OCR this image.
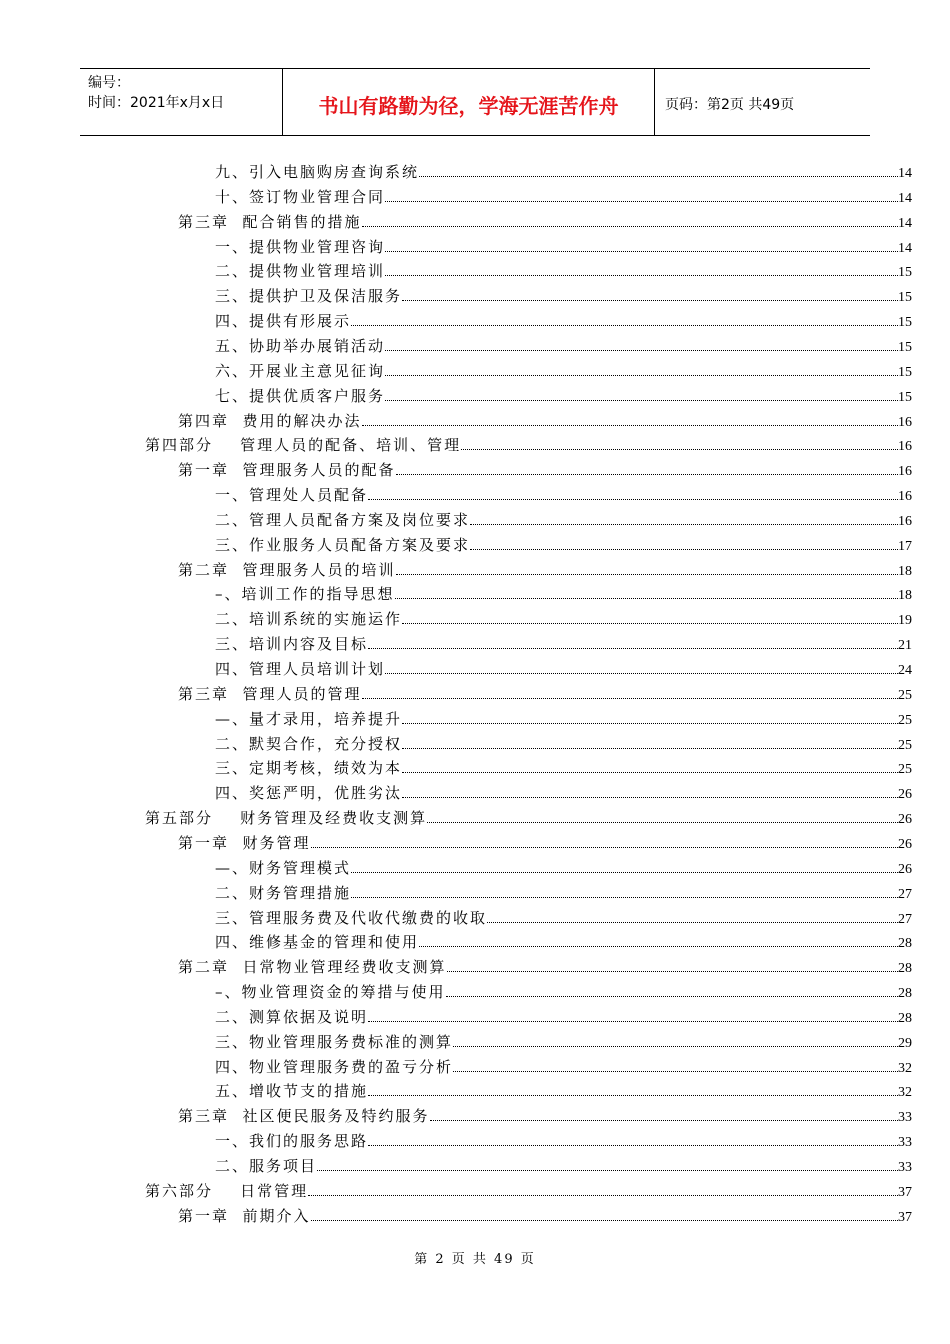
编号：
时间：2021年x月x日	书山有路勤为径，学海无涯苦作舟	页码：第2页 共49页
九、引入电脑购房查询系统	14
十、签订物业管理合同	14
第三章  配合销售的措施	14
一、提供物业管理咨询	14
二、提供物业管理培训	15
三、提供护卫及保洁服务	15
四、提供有形展示	15
五、协助举办展销活动	15
六、开展业主意见征询	15
七、提供优质客户服务	15
第四章  费用的解决办法	16
第四部分    管理人员的配备、培训、管理	16
第一章  管理服务人员的配备	16
一、管理处人员配备	16
二、管理人员配备方案及岗位要求	16
三、作业服务人员配备方案及要求	17
第二章  管理服务人员的培训	18
–、培训工作的指导思想	18
二、培训系统的实施运作	19
三、培训内容及目标	21
四、管理人员培训计划	24
第三章  管理人员的管理	25
—、量才录用，培养提升	25
二、默契合作，充分授权	25
三、定期考核，绩效为本	25
四、奖惩严明，优胜劣汰	26
第五部分    财务管理及经费收支测算	26
第一章  财务管理	26
—、财务管理模式	26
二、财务管理措施	27
三、管理服务费及代收代缴费的收取	27
四、维修基金的管理和使用	28
第二章  日常物业管理经费收支测算	28
–、物业管理资金的筹措与使用	28
二、测算依据及说明	28
三、物业管理服务费标准的测算	29
四、物业管理服务费的盈亏分析	32
五、增收节支的措施	32
第三章  社区便民服务及特约服务	33
一、我们的服务思路	33
二、服务项目	33
第六部分    日常管理	37
第一章  前期介入	37
第 2 页 共 49 页
